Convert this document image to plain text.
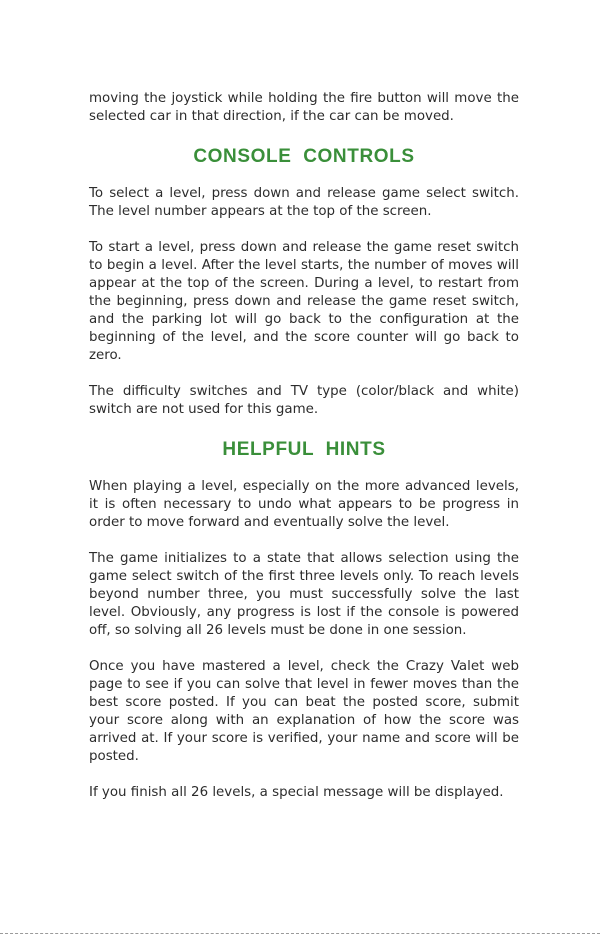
moving the joystick while holding the fire button will move the selected car in that direction, if the car can be moved.

CONSOLE  CONTROLS

To select a level, press down and release game select switch. The level number appears at the top of the screen.

To start a level, press down and release the game reset switch to begin a level. After the level starts, the number of moves will appear at the top of the screen. During a level, to restart from the beginning, press down and release the game reset switch, and the parking lot will go back to the configuration at the beginning of the level, and the score counter will go back to zero.

The difficulty switches and TV type (color/black and white) switch are not used for this game.

HELPFUL  HINTS

When playing a level, especially on the more advanced levels, it is often necessary to undo what appears to be progress in order to move forward and eventually solve the level.

The game initializes to a state that allows selection using the game select switch of the first three levels only. To reach levels beyond number three, you must successfully solve the last level. Obviously, any progress is lost if the console is powered off, so solving all 26 levels must be done in one session.

Once you have mastered a level, check the Crazy Valet web page to see if you can solve that level in fewer moves than the best score posted. If you can beat the posted score, submit your score along with an explanation of how the score was arrived at. If your score is verified, your name and score will be posted.

If you finish all 26 levels, a special message will be displayed.
